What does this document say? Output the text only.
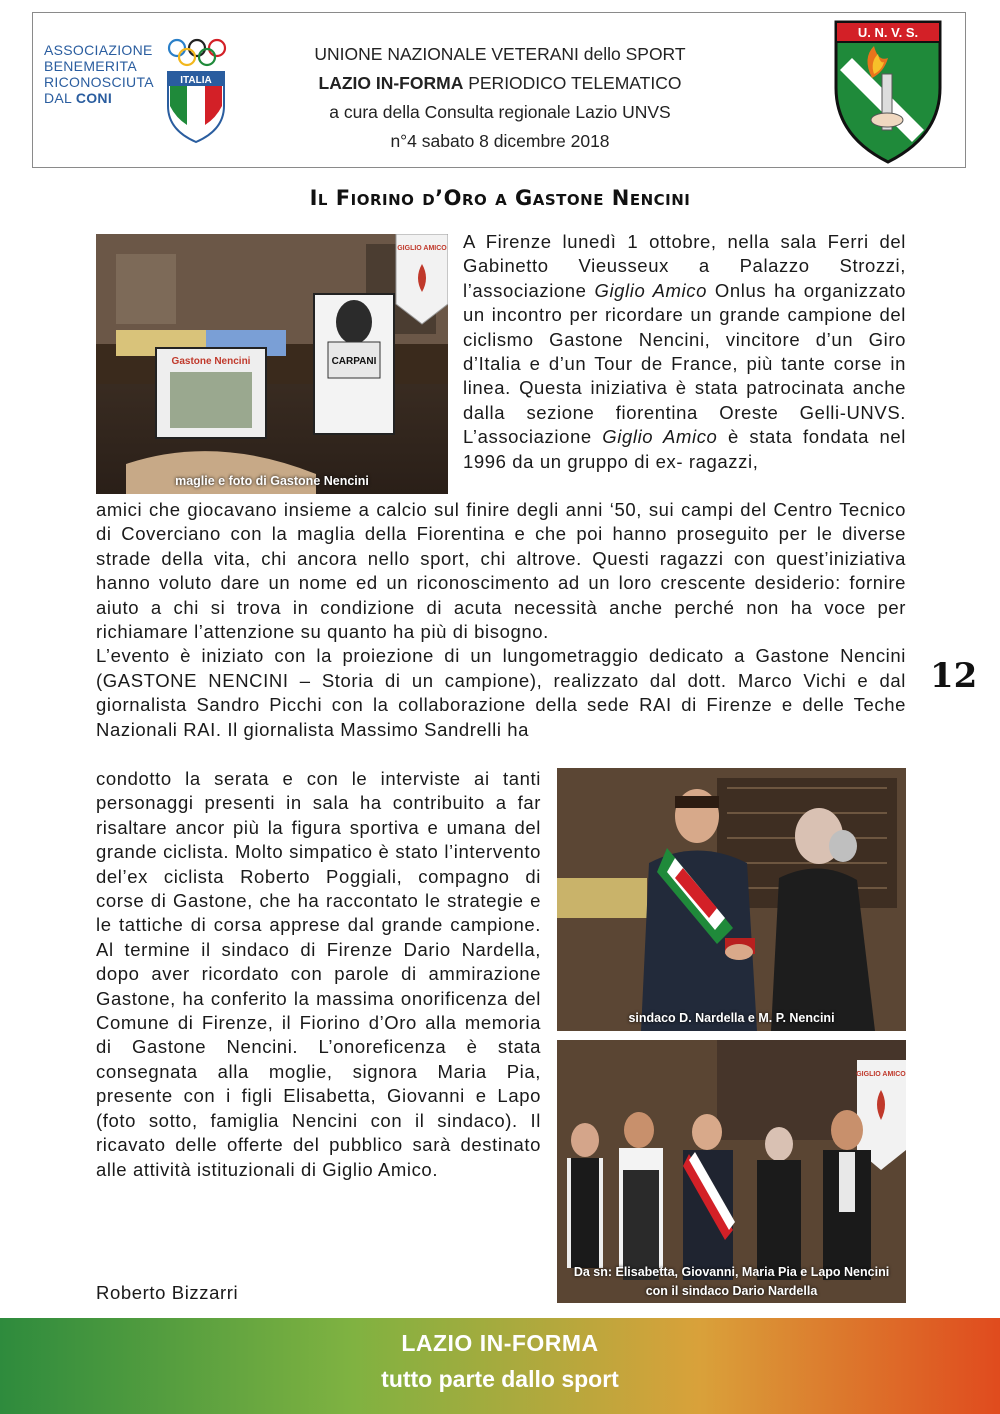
ASSOCIAZIONE
BENEMERITA
RICONOSCIUTA
DAL CONI
ITALIA
UNIONE NAZIONALE VETERANI dello SPORT
LAZIO IN-FORMA PERIODICO TELEMATICO
a cura della Consulta regionale Lazio UNVS
n°4 sabato 8 dicembre 2018
U. N. V. S.
Il Fiorino d’Oro a Gastone Nencini
Gastone Nencini	CARPANI
GIGLIO AMICO
maglie e foto di Gastone Nencini

A Firenze lunedì 1 ottobre, nella sala Ferri del Gabinetto Vieusseux a Palazzo Strozzi, l’associazione Giglio Amico Onlus ha organizzato un incontro per ricordare un grande campione del ciclismo Gastone Nencini, vincitore d’un Giro d’Italia e d’un Tour de France, più tante corse in linea. Questa iniziativa è stata patrocinata anche dalla sezione fiorentina Oreste Gelli-UNVS. L’associazione Giglio Amico è stata fondata nel 1996 da un gruppo di ex- ragazzi,

amici che giocavano insieme a calcio sul finire degli anni ‘50, sui campi del Centro Tecnico di Coverciano con la maglia della Fiorentina e che poi hanno proseguito per le diverse strade della vita, chi ancora nello sport, chi altrove. Questi ragazzi con quest’iniziativa hanno voluto dare un nome ed un riconoscimento ad un loro crescente desiderio: fornire aiuto a chi si trova in condizione di acuta necessità anche perché non ha voce per richiamare l’attenzione su quanto ha più di bisogno.

L’evento è iniziato con la proiezione di un lungometraggio dedicato a Gastone Nencini (GASTONE NENCINI – Storia di un campione), realizzato dal dott. Marco Vichi e dal giornalista Sandro Picchi con la collaborazione della sede RAI di Firenze e delle Teche Nazionali RAI. Il giornalista Massimo Sandrelli ha

condotto la serata e con le interviste ai tanti personaggi presenti in sala ha contribuito a far risaltare ancor più la figura sportiva e umana del grande ciclista. Molto simpatico è stato l’intervento del’ex ciclista Roberto Poggiali, compagno di corse di Gastone, che ha raccontato le strategie e le tattiche di corsa apprese dal grande campione. Al termine il sindaco di Firenze Dario Nardella, dopo aver ricordato con parole di ammirazione Gastone, ha conferito la massima onorificenza del Comune di Firenze, il Fiorino d’Oro alla memoria di Gastone Nencini. L’onoreficenza è stata consegnata alla moglie, signora Maria Pia, presente con i figli Elisabetta, Giovanni e Lapo (foto sotto, famiglia Nencini con il sindaco). Il ricavato delle offerte del pubblico sarà destinato alle attività istituzionali di Giglio Amico.

Roberto Bizzarri
sindaco D. Nardella e M. P. Nencini
GIGLIO AMICO
Da sn: Elisabetta, Giovanni, Maria Pia e Lapo Nencini
con il sindaco Dario Nardella
12
LAZIO IN-FORMA
tutto parte dallo sport
